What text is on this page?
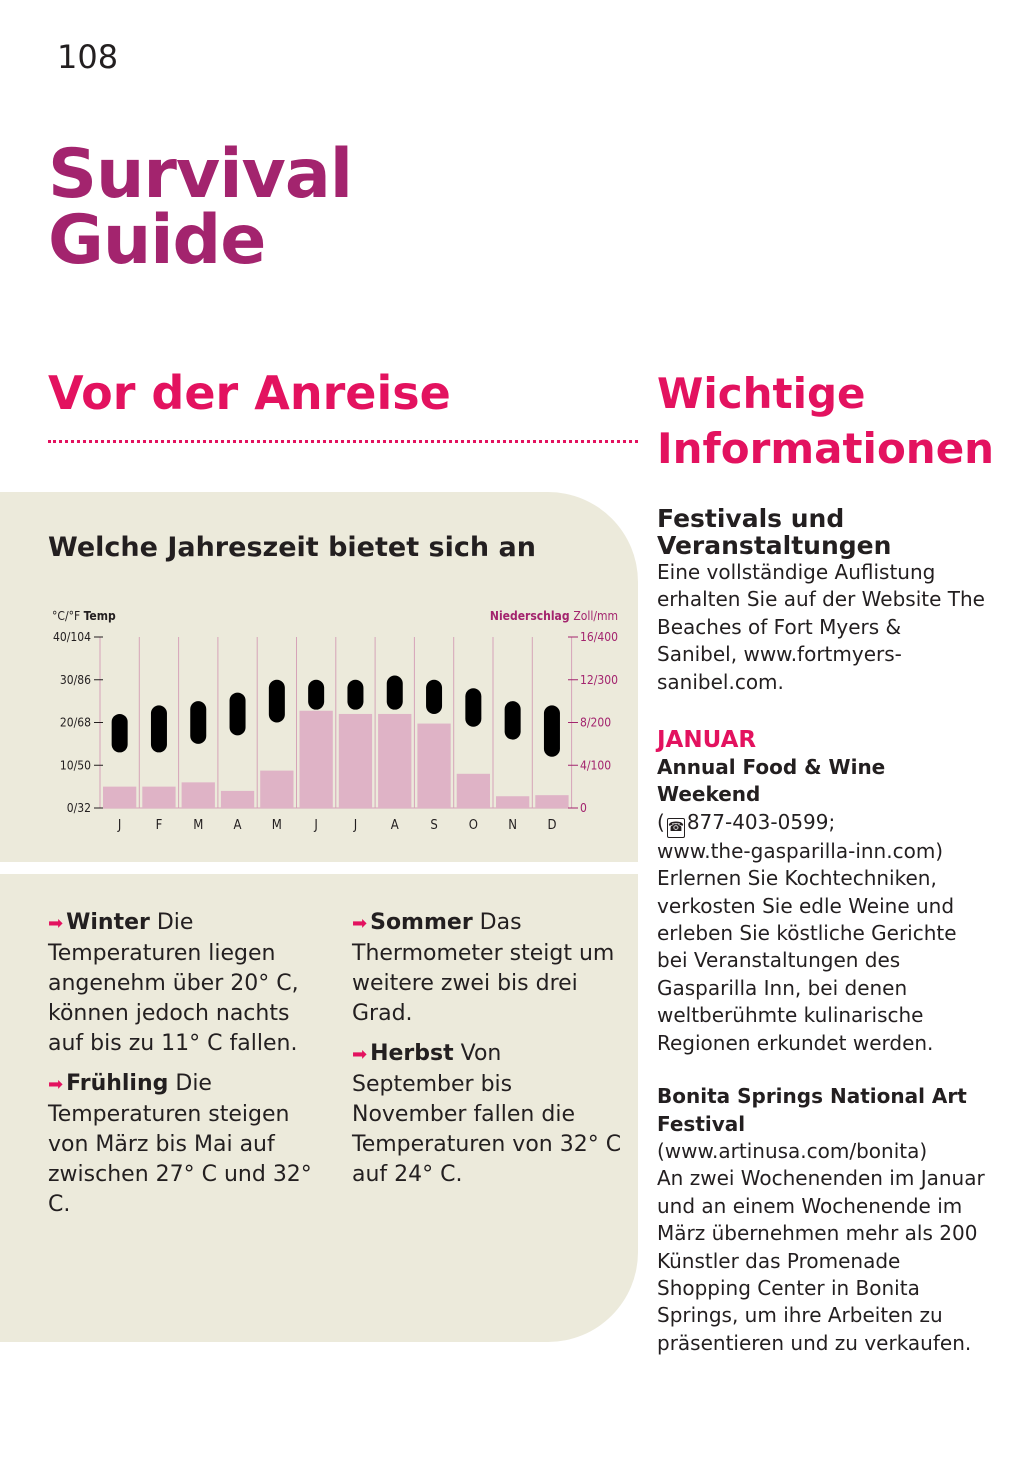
108
Survival
Guide
Vor der Anreise
Welche Jahreszeit bietet sich an
0/32
10/50
20/68
30/86
40/104
0
4/100
8/200
12/300
16/400
°C/°F Temp	Niederschlag Zoll/mm
J	F M A M	J	J	A S O N D

➡ Winter Die Temperaturen liegen angenehm über 20° C, können jedoch nachts auf bis zu 11° C fallen.

➡ Frühling Die Temperaturen steigen von März bis Mai auf zwischen 27° C und 32° C.

➡ Sommer Das Thermometer steigt um weitere zwei bis drei Grad.

➡ Herbst Von September bis November fallen die Temperaturen von 32° C auf 24° C.

Wichtige
Informationen
Festivals und Veranstaltungen

Eine vollständige Auflistung erhalten Sie auf der Website The Beaches of Fort Myers & Sanibel, www.fortmyers-sanibel.com.

JANUAR

Annual Food & Wine Weekend

( ☎ 877-403-0599;

www.the-gasparilla-inn.com)

Erlernen Sie Kochtechniken, verkosten Sie edle Weine und erleben Sie köstliche Gerichte bei Veranstaltungen des Gasparilla Inn, bei denen weltberühmte kulinarische Regionen erkundet werden.

Bonita Springs National Art Festival

(www.artinusa.com/bonita)

An zwei Wochenenden im Januar und an einem Wochenende im März übernehmen mehr als 200 Künstler das Promenade Shopping Center in Bonita Springs, um ihre Arbeiten zu präsentieren und zu verkaufen.
